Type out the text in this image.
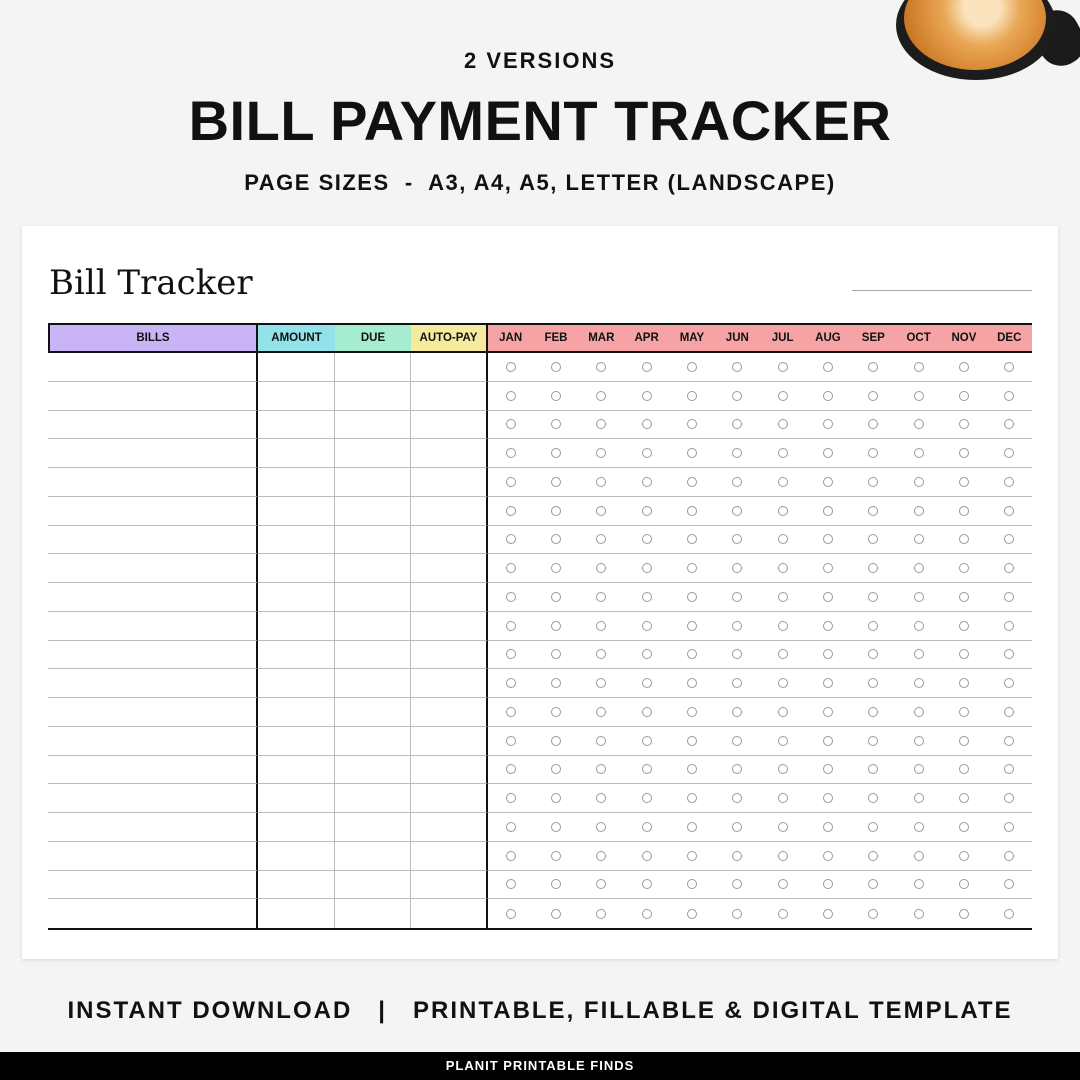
2 VERSIONS
BILL PAYMENT TRACKER
PAGE SIZES  -  A3, A4, A5, LETTER (LANDSCAPE)
Bill Tracker
BILLS	AMOUNT	DUE	AUTO-PAY	JAN	FEB	MAR	APR	MAY	JUN	JUL	AUG	SEP	OCT	NOV	DEC
INSTANT DOWNLOAD   |   PRINTABLE, FILLABLE & DIGITAL TEMPLATE
PLANIT PRINTABLE FINDS
